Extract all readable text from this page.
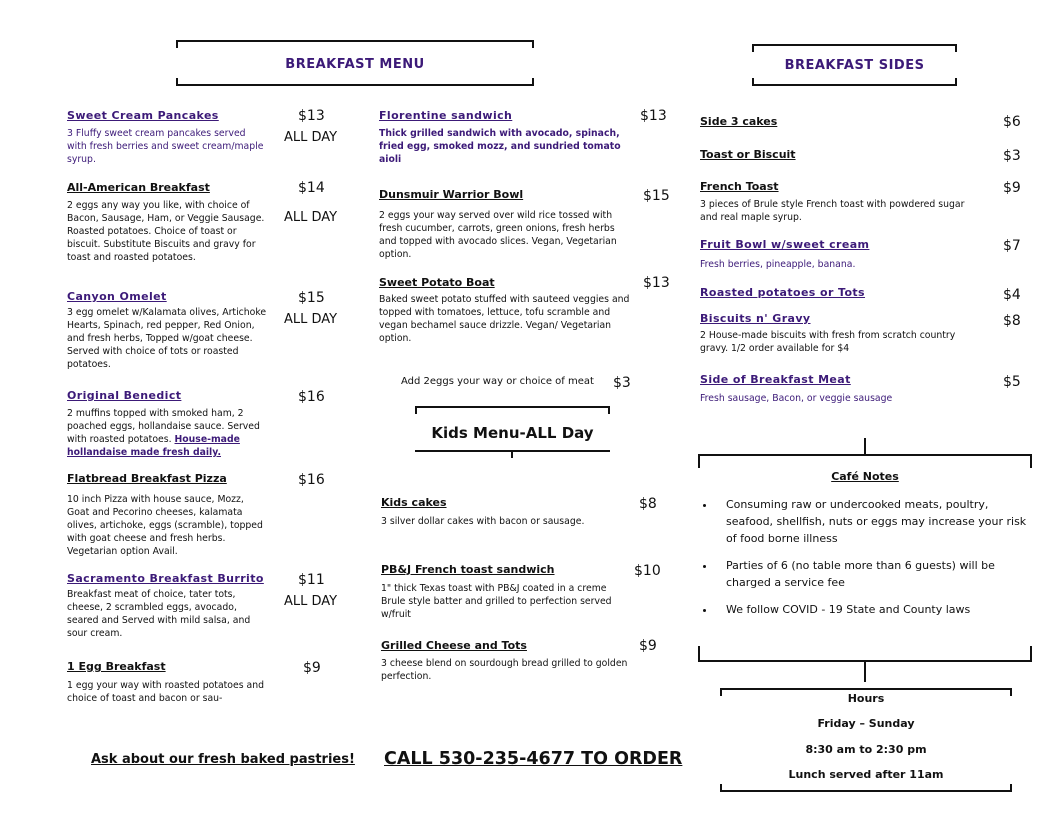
BREAKFAST MENU
Sweet Cream Pancakes
3 Fluffy sweet cream pancakes served with fresh berries and sweet cream/maple syrup.
$13
ALL DAY
All-American Breakfast
2 eggs any way you like, with choice of Bacon, Sausage, Ham, or Veggie Sausage. Roasted potatoes. Choice of toast or biscuit. Substitute Biscuits and gravy for toast and roasted potatoes.
$14
ALL DAY
Canyon Omelet
3 egg omelet w/Kalamata olives, Artichoke Hearts, Spinach, red pepper, Red Onion, and fresh herbs, Topped w/goat cheese. Served with choice of tots or roasted potatoes.
$15
ALL DAY
Original Benedict
2 muffins topped with smoked ham, 2 poached eggs, hollandaise sauce. Served with roasted potatoes. House-made hollandaise made fresh daily.
$16
Flatbread Breakfast Pizza
10 inch Pizza with house sauce, Mozz, Goat and Pecorino cheeses, kalamata olives, artichoke, eggs (scramble), topped with goat cheese and fresh herbs. Vegetarian option Avail.
$16
Sacramento Breakfast Burrito
Breakfast meat of choice, tater tots, cheese, 2 scrambled eggs, avocado, seared and Served with mild salsa, and sour cream.
$11
ALL DAY
1 Egg Breakfast
1 egg your way with roasted potatoes and choice of toast and bacon or sau-
$9
Florentine sandwich
Thick grilled sandwich with avocado, spinach, fried egg, smoked mozz, and sundried tomato aioli
$13
Dunsmuir Warrior Bowl
2 eggs your way served over wild rice tossed with fresh cucumber, carrots, green onions, fresh herbs and topped with avocado slices. Vegan, Vegetarian option.
$15
Sweet Potato Boat
Baked sweet potato stuffed with sauteed veggies and topped with tomatoes, lettuce, tofu scramble and vegan bechamel sauce drizzle. Vegan/ Vegetarian option.
$13
Add 2eggs your way or choice of meat $3
Kids Menu-ALL Day
Kids cakes
3 silver dollar cakes with bacon or sausage.
$8
PB&J French toast sandwich
1" thick Texas toast with PB&J coated in a creme Brule style batter and grilled to perfection served w/fruit
$10
Grilled Cheese and Tots
3 cheese blend on sourdough bread grilled to golden perfection.
$9
BREAKFAST SIDES
Side 3 cakes	$6
Toast or Biscuit	$3
French Toast
3 pieces of Brule style French toast with powdered sugar and real maple syrup.
$9
Fruit Bowl w/sweet cream
Fresh berries, pineapple, banana.
$7
Roasted potatoes or Tots	$4
Biscuits n' Gravy
2 House-made biscuits with fresh from scratch country gravy. 1/2 order available for $4
$8
Side of Breakfast Meat
Fresh sausage, Bacon, or veggie sausage
$5
Café Notes
• Consuming raw or undercooked meats, poultry, seafood, shellfish, nuts or eggs may increase your risk of food borne illness
• Parties of 6 (no table more than 6 guests) will be charged a service fee
• We follow COVID - 19 State and County laws
Hours
Friday – Sunday
8:30 am to 2:30 pm
Lunch served after 11am
Ask about our fresh baked pastries! CALL 530-235-4677 TO ORDER
